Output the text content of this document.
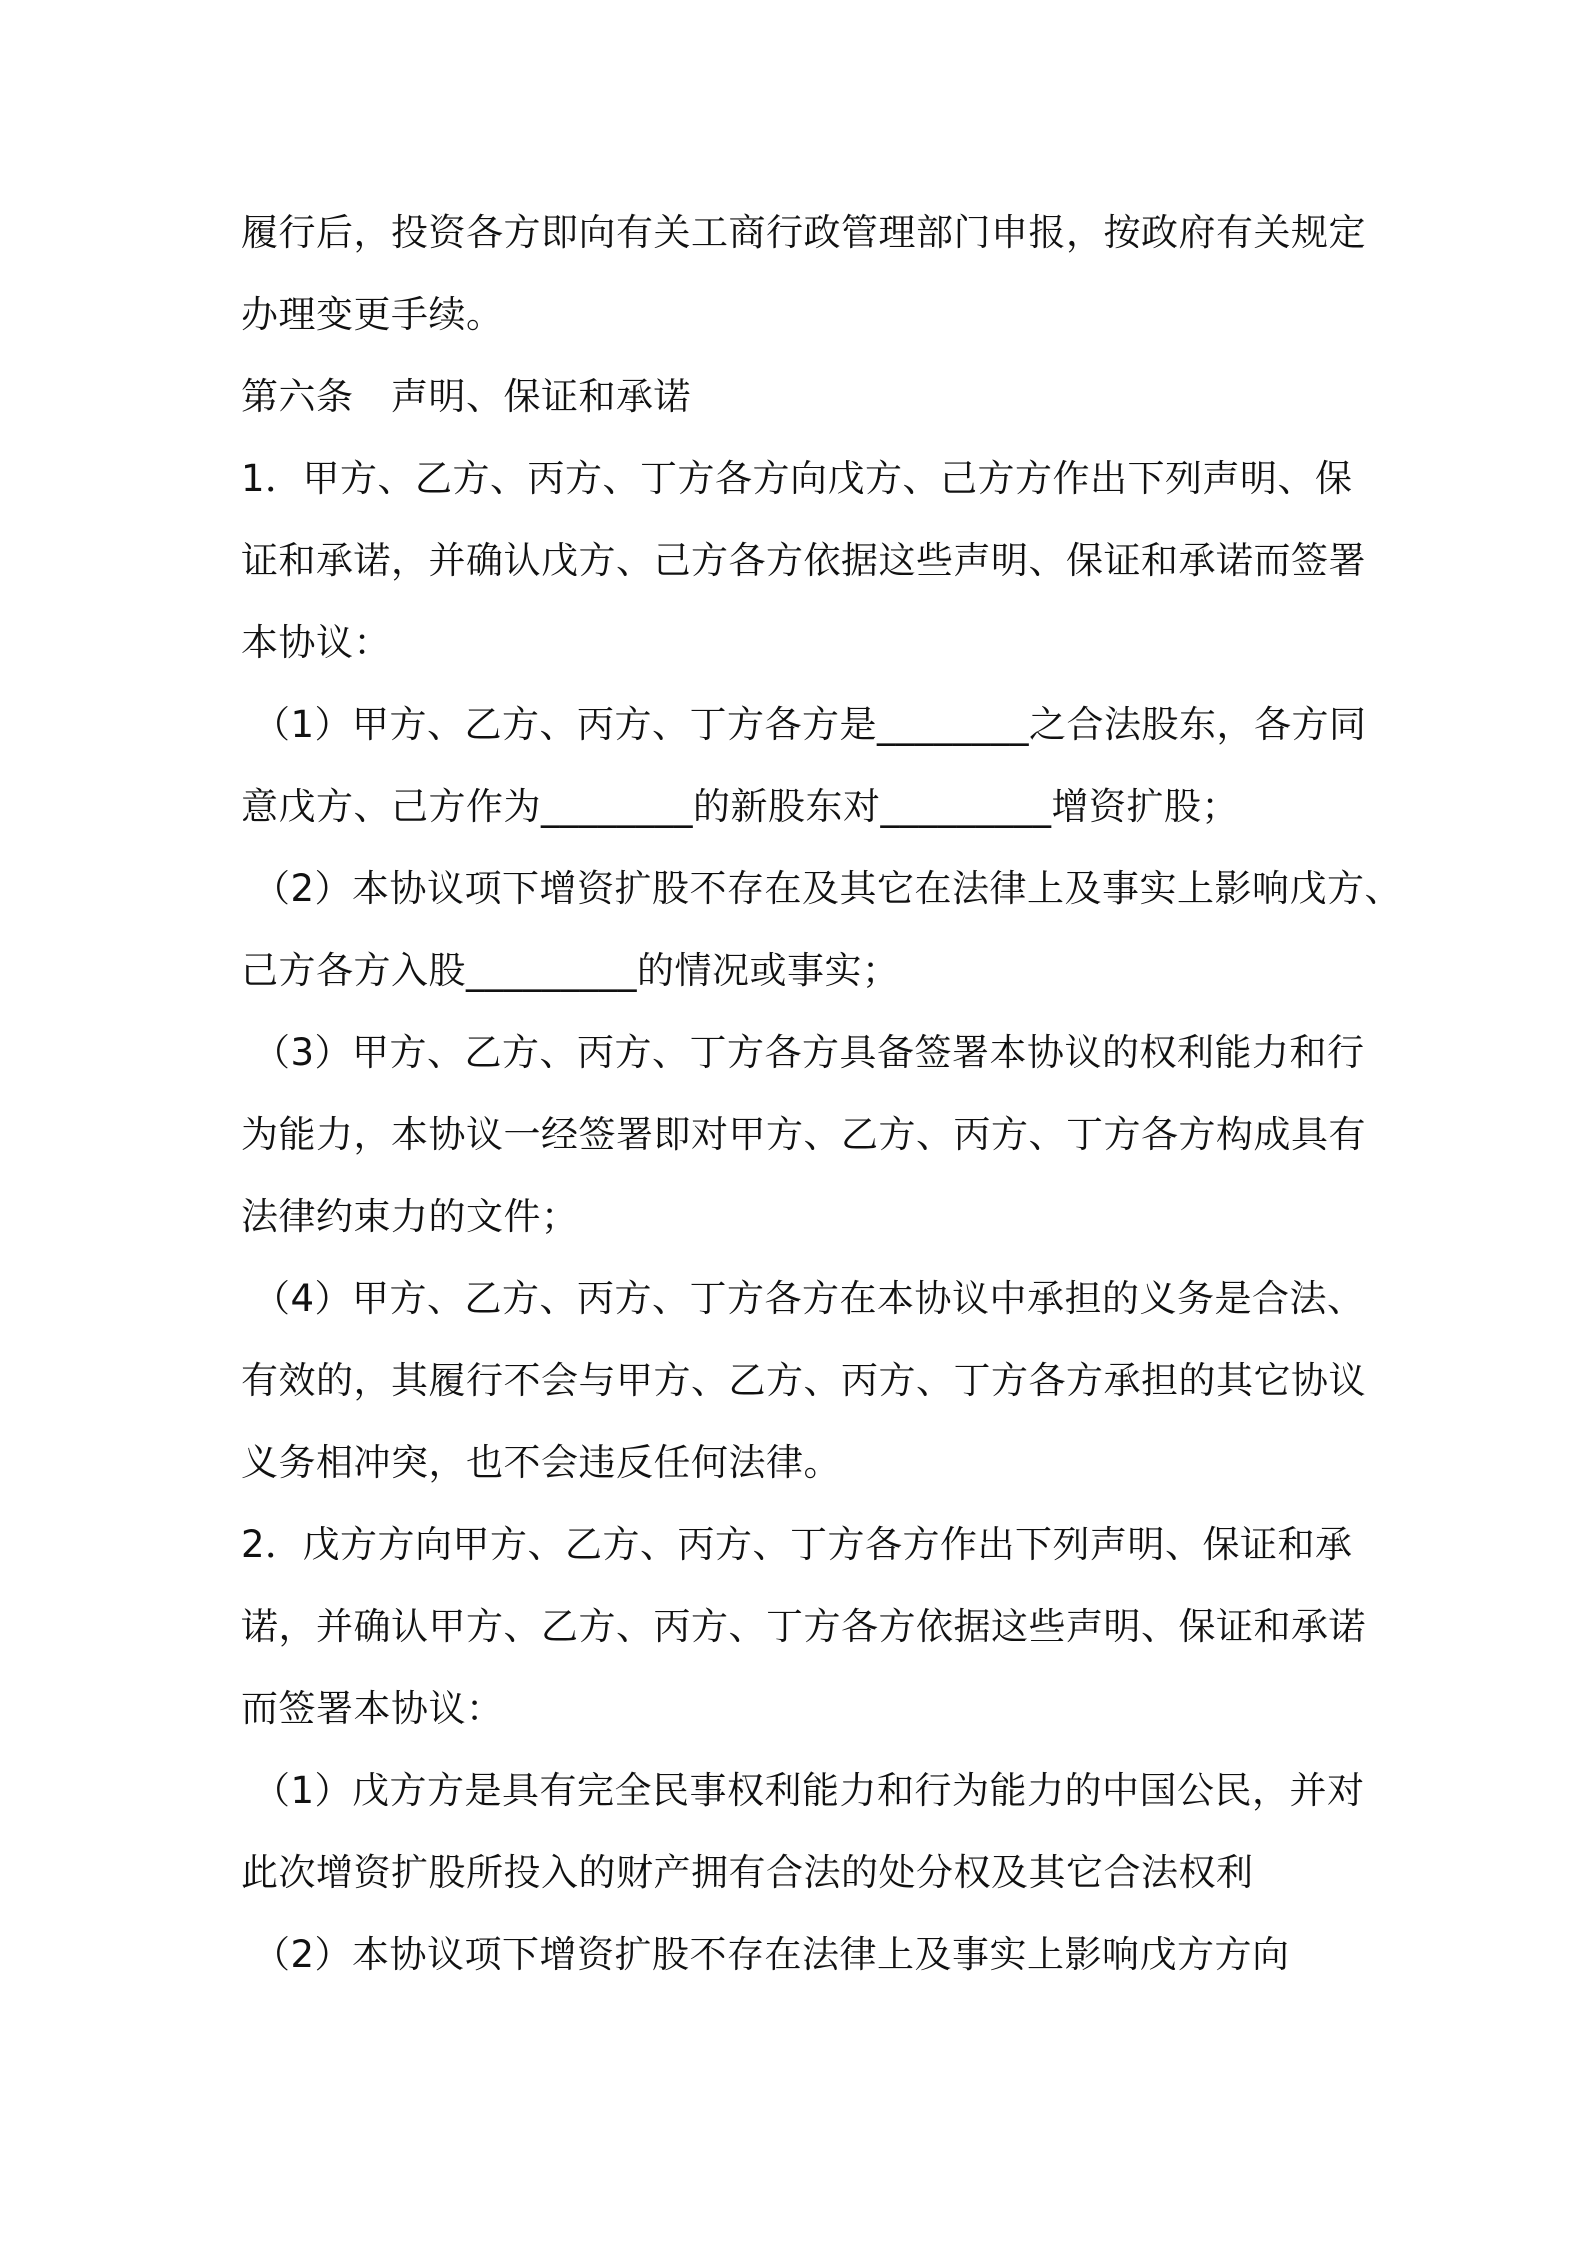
履行后，投资各方即向有关工商行政管理部门申报，按政府有关规定
办理变更手续。
第六条　声明、保证和承诺
1．甲方、乙方、丙方、丁方各方向戊方、己方方作出下列声明、保
证和承诺，并确认戊方、己方各方依据这些声明、保证和承诺而签署
本协议：
（1）甲方、乙方、丙方、丁方各方是________之合法股东，各方同
意戊方、己方作为________的新股东对_________增资扩股；
（2）本协议项下增资扩股不存在及其它在法律上及事实上影响戊方、
己方各方入股_________的情况或事实；
（3）甲方、乙方、丙方、丁方各方具备签署本协议的权利能力和行
为能力，本协议一经签署即对甲方、乙方、丙方、丁方各方构成具有
法律约束力的文件；
（4）甲方、乙方、丙方、丁方各方在本协议中承担的义务是合法、
有效的，其履行不会与甲方、乙方、丙方、丁方各方承担的其它协议
义务相冲突，也不会违反任何法律。
2．戊方方向甲方、乙方、丙方、丁方各方作出下列声明、保证和承
诺，并确认甲方、乙方、丙方、丁方各方依据这些声明、保证和承诺
而签署本协议：
（1）戊方方是具有完全民事权利能力和行为能力的中国公民，并对
此次增资扩股所投入的财产拥有合法的处分权及其它合法权利
（2）本协议项下增资扩股不存在法律上及事实上影响戊方方向
